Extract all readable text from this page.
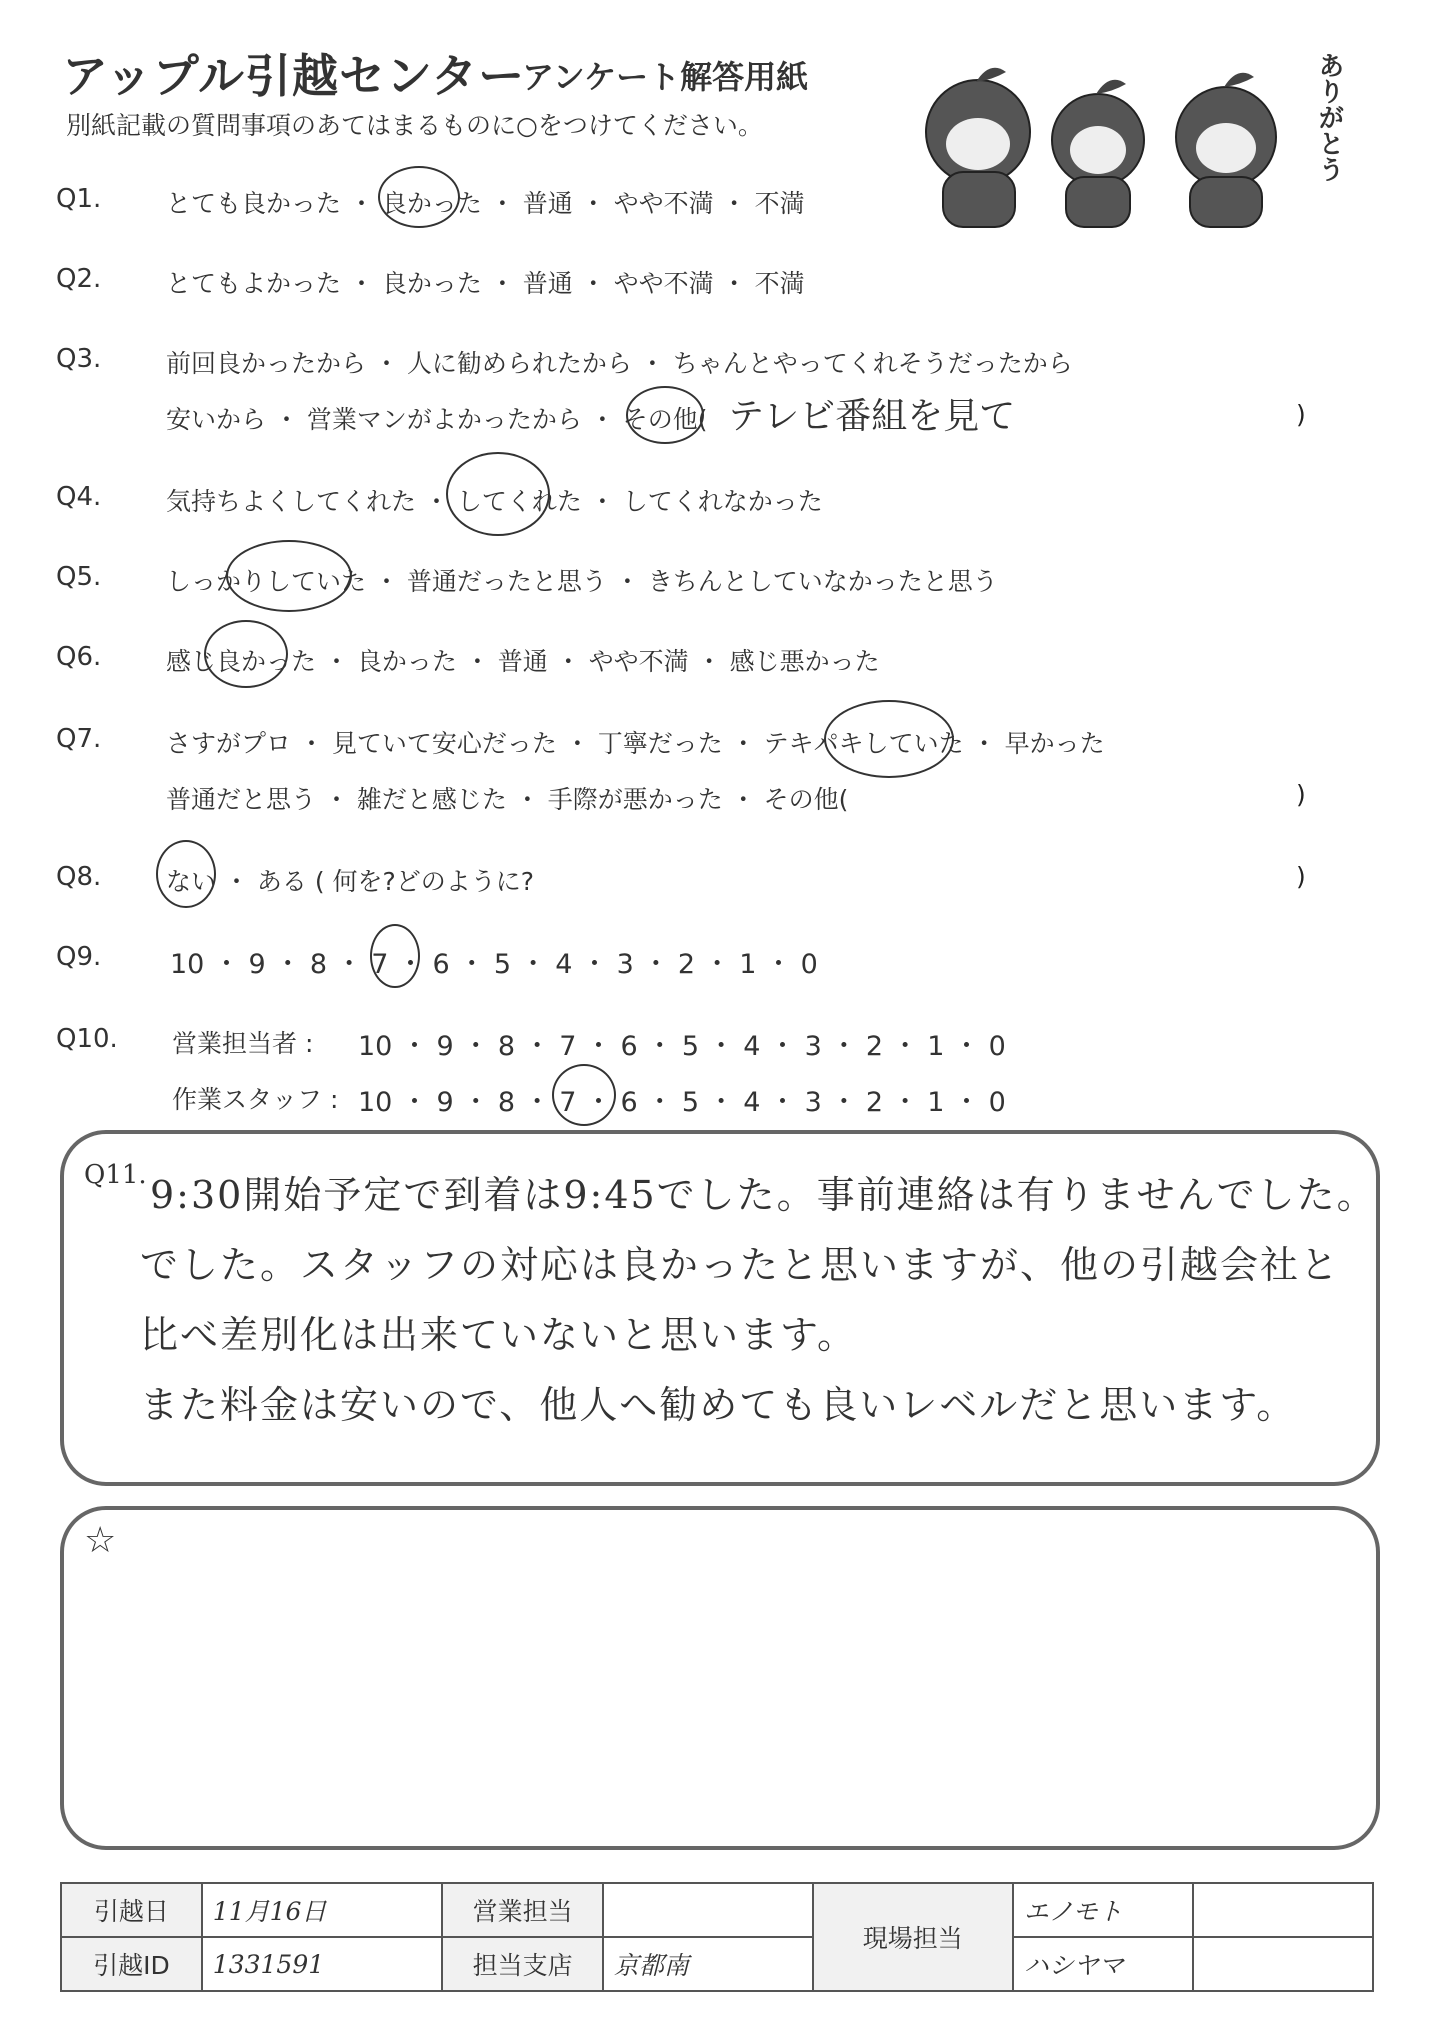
アップル引越センター
アンケート解答用紙
別紙記載の質問事項のあてはまるものに○をつけてください。	ありがとう
Q1.	とても良かった ・ 良かった ・ 普通 ・ やや不満 ・ 不満
Q2.	とてもよかった ・ 良かった ・ 普通 ・ やや不満 ・ 不満
Q3.	前回良かったから ・ 人に勧められたから ・ ちゃんとやってくれそうだったから
安いから ・ 営業マンがよかったから ・ その他( テレビ番組を見て	)
Q4.	気持ちよくしてくれた ・ してくれた ・ してくれなかった
Q5.	しっかりしていた ・ 普通だったと思う ・ きちんとしていなかったと思う
Q6.	感じ良かった ・ 良かった ・ 普通 ・ やや不満 ・ 感じ悪かった
Q7.	さすがプロ ・ 見ていて安心だった ・ 丁寧だった ・ テキパキしていた ・ 早かった
普通だと思う ・ 雑だと感じた ・ 手際が悪かった ・ その他(	)
Q8.	ない ・ ある ( 何を?どのように?	)
Q9.	10 ・ 9 ・ 8 ・ 7 ・ 6 ・ 5 ・ 4 ・ 3 ・ 2 ・ 1 ・ 0
Q10. 営業担当者 : 10 ・ 9 ・ 8 ・ 7 ・ 6 ・ 5 ・ 4 ・ 3 ・ 2 ・ 1 ・ 0
作業スタッフ : 10 ・ 9 ・ 8 ・ 7 ・ 6 ・ 5 ・ 4 ・ 3 ・ 2 ・ 1 ・ 0
Q11. 9:30開始予定で到着は9:45でした。事前連絡は有りませんでした。
でした。スタッフの対応は良かったと思いますが、他の引越会社と
比べ差別化は出来ていないと思います。
また料金は安いので、他人へ勧めても良いレベルだと思います。
☆
引越日	11月16日	営業担当		現場担当	エノモト	
引越ID	1331591	担当支店	京都南		ハシヤマ	
